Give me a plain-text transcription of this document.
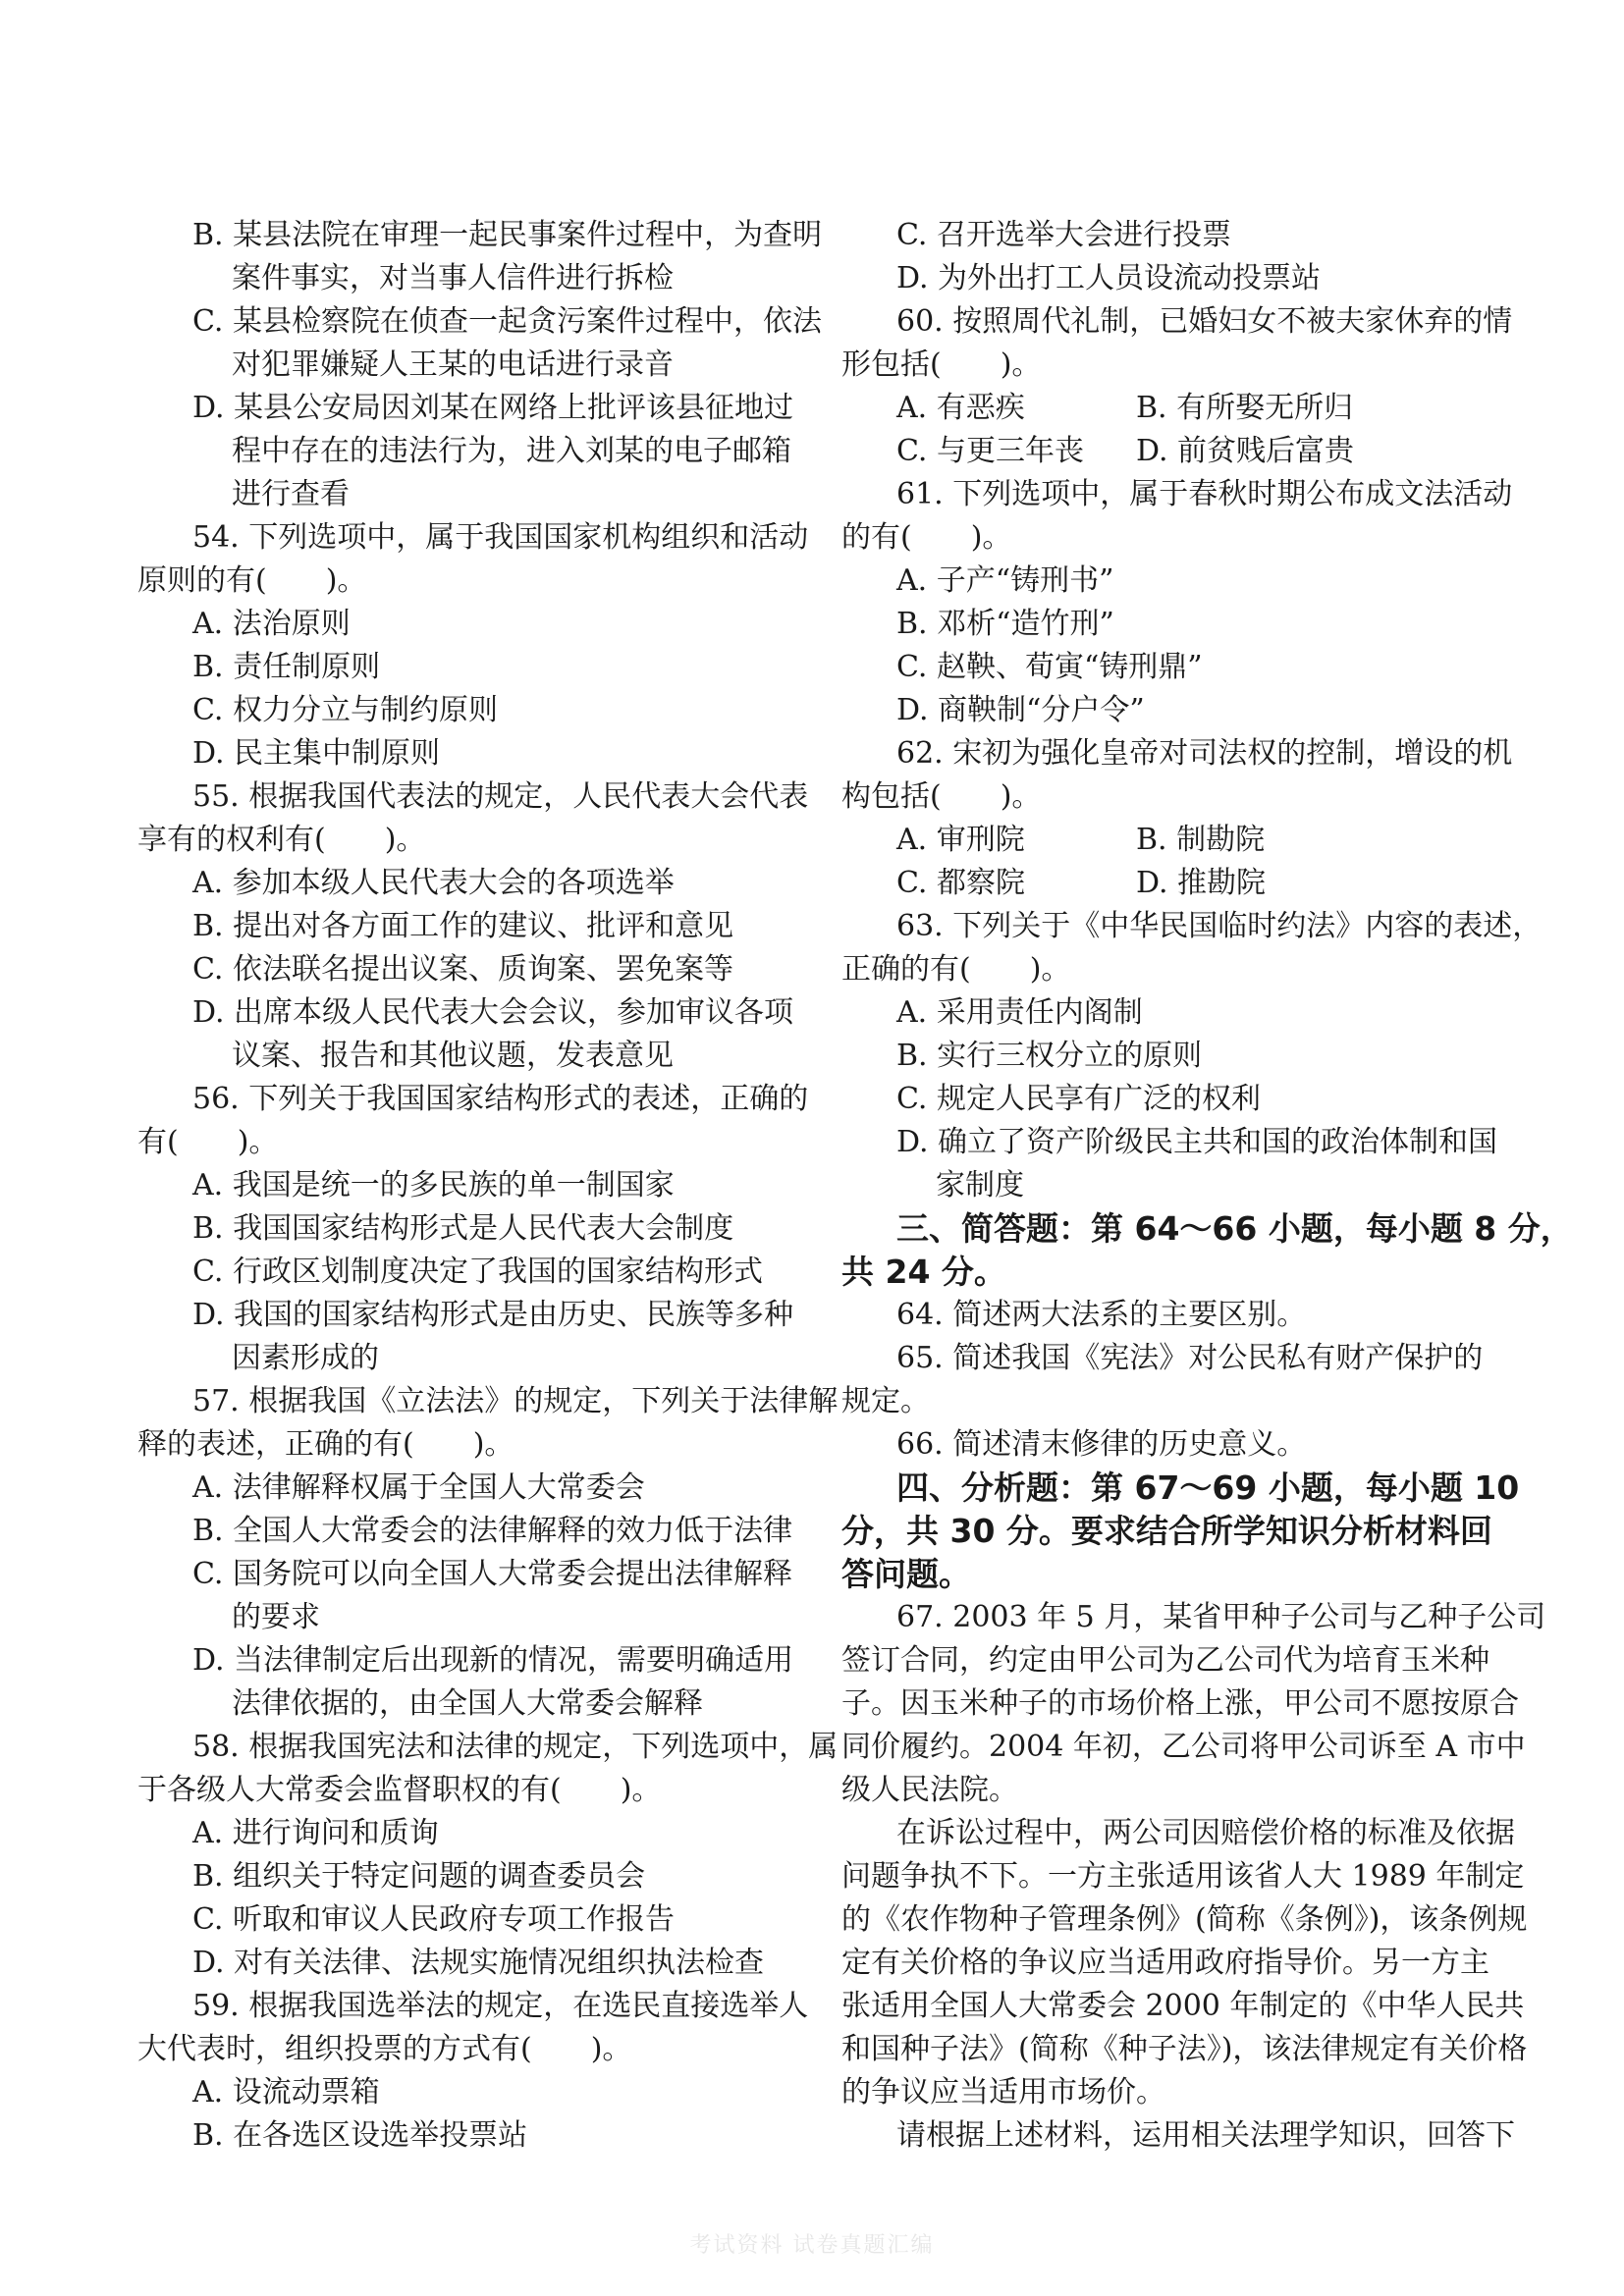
B. 某县法院在审理一起民事案件过程中，为查明
案件事实，对当事人信件进行拆检
C. 某县检察院在侦查一起贪污案件过程中，依法
对犯罪嫌疑人王某的电话进行录音
D. 某县公安局因刘某在网络上批评该县征地过
程中存在的违法行为，进入刘某的电子邮箱
进行查看
54. 下列选项中，属于我国国家机构组织和活动
原则的有(　　)。
A. 法治原则
B. 责任制原则
C. 权力分立与制约原则
D. 民主集中制原则
55. 根据我国代表法的规定，人民代表大会代表
享有的权利有(　　)。
A. 参加本级人民代表大会的各项选举
B. 提出对各方面工作的建议、批评和意见
C. 依法联名提出议案、质询案、罢免案等
D. 出席本级人民代表大会会议，参加审议各项
议案、报告和其他议题，发表意见
56. 下列关于我国国家结构形式的表述，正确的
有(　　)。
A. 我国是统一的多民族的单一制国家
B. 我国国家结构形式是人民代表大会制度
C. 行政区划制度决定了我国的国家结构形式
D. 我国的国家结构形式是由历史、民族等多种
因素形成的
57. 根据我国《立法法》的规定，下列关于法律解
释的表述，正确的有(　　)。
A. 法律解释权属于全国人大常委会
B. 全国人大常委会的法律解释的效力低于法律
C. 国务院可以向全国人大常委会提出法律解释
的要求
D. 当法律制定后出现新的情况，需要明确适用
法律依据的，由全国人大常委会解释
58. 根据我国宪法和法律的规定，下列选项中，属
于各级人大常委会监督职权的有(　　)。
A. 进行询问和质询
B. 组织关于特定问题的调查委员会
C. 听取和审议人民政府专项工作报告
D. 对有关法律、法规实施情况组织执法检查
59. 根据我国选举法的规定，在选民直接选举人
大代表时，组织投票的方式有(　　)。
A. 设流动票箱
B. 在各选区设选举投票站
C. 召开选举大会进行投票
D. 为外出打工人员设流动投票站
60. 按照周代礼制，已婚妇女不被夫家休弃的情
形包括(　　)。
A. 有恶疾	B. 有所娶无所归
C. 与更三年丧	D. 前贫贱后富贵
61. 下列选项中，属于春秋时期公布成文法活动
的有(　　)。
A. 子产“铸刑书”
B. 邓析“造竹刑”
C. 赵鞅、荀寅“铸刑鼎”
D. 商鞅制“分户令”
62. 宋初为强化皇帝对司法权的控制，增设的机
构包括(　　)。
A. 审刑院	B. 制勘院
C. 都察院	D. 推勘院
63. 下列关于《中华民国临时约法》内容的表述，
正确的有(　　)。
A. 采用责任内阁制
B. 实行三权分立的原则
C. 规定人民享有广泛的权利
D. 确立了资产阶级民主共和国的政治体制和国
家制度
三、简答题：第 64～66 小题，每小题 8 分，
共 24 分。
64. 简述两大法系的主要区别。
65. 简述我国《宪法》对公民私有财产保护的
规定。
66. 简述清末修律的历史意义。
四、分析题：第 67～69 小题，每小题 10
分，共 30 分。要求结合所学知识分析材料回
答问题。
67. 2003 年 5 月，某省甲种子公司与乙种子公司
签订合同，约定由甲公司为乙公司代为培育玉米种
子。因玉米种子的市场价格上涨，甲公司不愿按原合
同价履约。2004 年初，乙公司将甲公司诉至 A 市中
级人民法院。
在诉讼过程中，两公司因赔偿价格的标准及依据
问题争执不下。一方主张适用该省人大 1989 年制定
的《农作物种子管理条例》(简称《条例》)，该条例规
定有关价格的争议应当适用政府指导价。另一方主
张适用全国人大常委会 2000 年制定的《中华人民共
和国种子法》(简称《种子法》)，该法律规定有关价格
的争议应当适用市场价。
请根据上述材料，运用相关法理学知识，回答下
考试资料 试卷真题汇编
